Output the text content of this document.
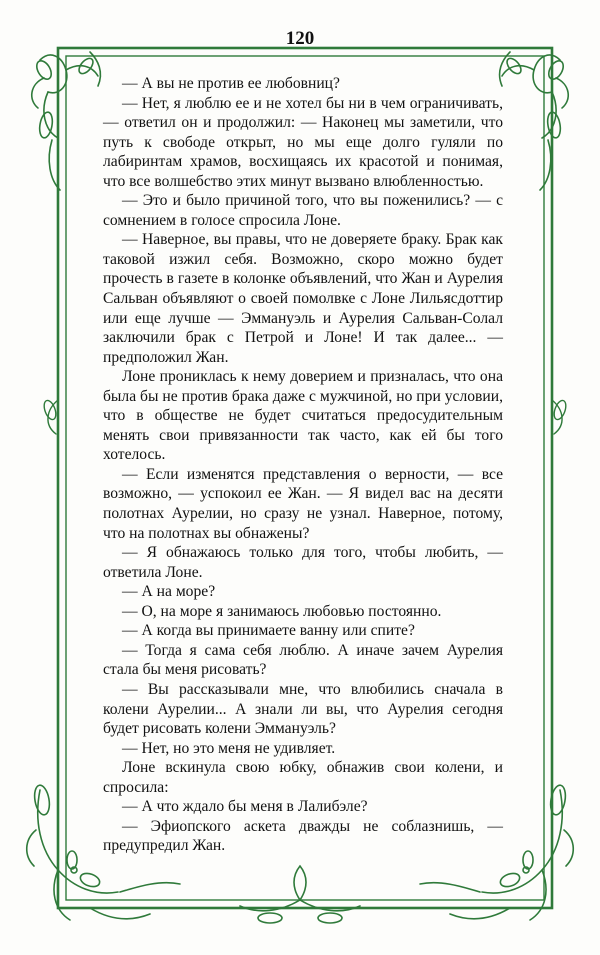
120

— А вы не против ее любовниц?

— Нет, я люблю ее и не хотел бы ни в чем ограничивать, — ответил он и продолжил: — Наконец мы заметили, что путь к свободе открыт, но мы еще долго гуляли по лабиринтам храмов, восхищаясь их красотой и понимая, что все волшебство этих минут вызвано влюбленностью.

— Это и было причиной того, что вы поженились? — с сомнением в голосе спросила Лоне.

— Наверное, вы правы, что не доверяете браку. Брак как таковой изжил себя. Возможно, скоро можно будет прочесть в газете в колонке объявлений, что Жан и Аурелия Сальван объявляют о своей помолвке с Лоне Лильясдоттир или еще лучше — Эммануэль и Аурелия Сальван-Солал заключили брак с Петрой и Лоне! И так далее... — предположил Жан.

Лоне прониклась к нему доверием и призналась, что она была бы не против брака даже с мужчиной, но при условии, что в обществе не будет считаться предосудительным менять свои привязанности так часто, как ей бы того хотелось.

— Если изменятся представления о верности, — все возможно, — успокоил ее Жан. — Я видел вас на десяти полотнах Аурелии, но сразу не узнал. Наверное, потому, что на полотнах вы обнажены?

— Я обнажаюсь только для того, чтобы любить, — ответила Лоне.

— А на море?

— О, на море я занимаюсь любовью постоянно.

— А когда вы принимаете ванну или спите?

— Тогда я сама себя люблю. А иначе зачем Аурелия стала бы меня рисовать?

— Вы рассказывали мне, что влюбились сначала в колени Аурелии... А знали ли вы, что Аурелия сегодня будет рисовать колени Эммануэль?

— Нет, но это меня не удивляет.

Лоне вскинула свою юбку, обнажив свои колени, и спросила:

— А что ждало бы меня в Лалибэле?

— Эфиопского аскета дважды не соблазнишь, — предупредил Жан.
